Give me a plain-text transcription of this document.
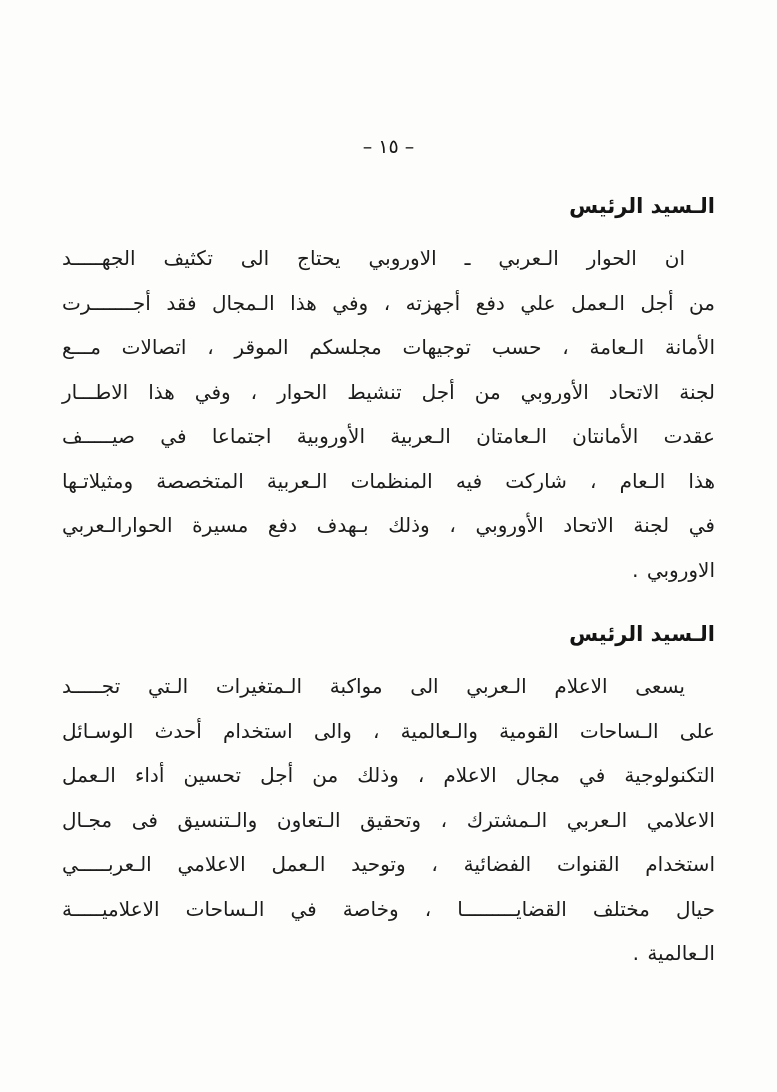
– ١٥ –
الـسيد الرئيس

ان الحوار الـعربي ـ الاوروبي يحتاج الى تكثيف الجهـــــد

من أجل الـعمل علي دفع أجهزته ، وفي هذا الـمجال فقد أجـــــــرت

الأمانة الـعامة ، حسب توجيهات مجلسكم الموقر ، اتصالات مـــع

لجنة الاتحاد الأوروبي من أجل تنشيط الحوار ، وفي هذا الاطـــار

عقدت الأمانتان الـعامتان الـعربية الأوروبية اجتماعا في صيـــــف

هذا الـعام ، شاركت فيه المنظمات الـعربية المتخصصة ومثيلاتـها

في لجنة الاتحاد الأوروبي ، وذلك بـهدف دفع مسيرة الحوارالـعربي

الاوروبي .

الـسيد الرئيس

يسعى الاعلام الـعربي الى مواكبة الـمتغيرات الـتي تجـــــد

على الـساحات القومية والـعالمية ، والى استخدام أحدث الوسـائل

التكنولوجية في مجال الاعلام ، وذلك من أجل تحسين أداء الـعمل

الاعلامي الـعربي الـمشترك ، وتحقيق الـتعاون والـتنسيق فى مجـال

استخدام القنوات الفضائية ، وتوحيد الـعمل الاعلامي الـعربـــــي

حيال مختلف القضايـــــــــا ، وخاصة في الـساحات الاعلاميـــــة

الـعالمية .
